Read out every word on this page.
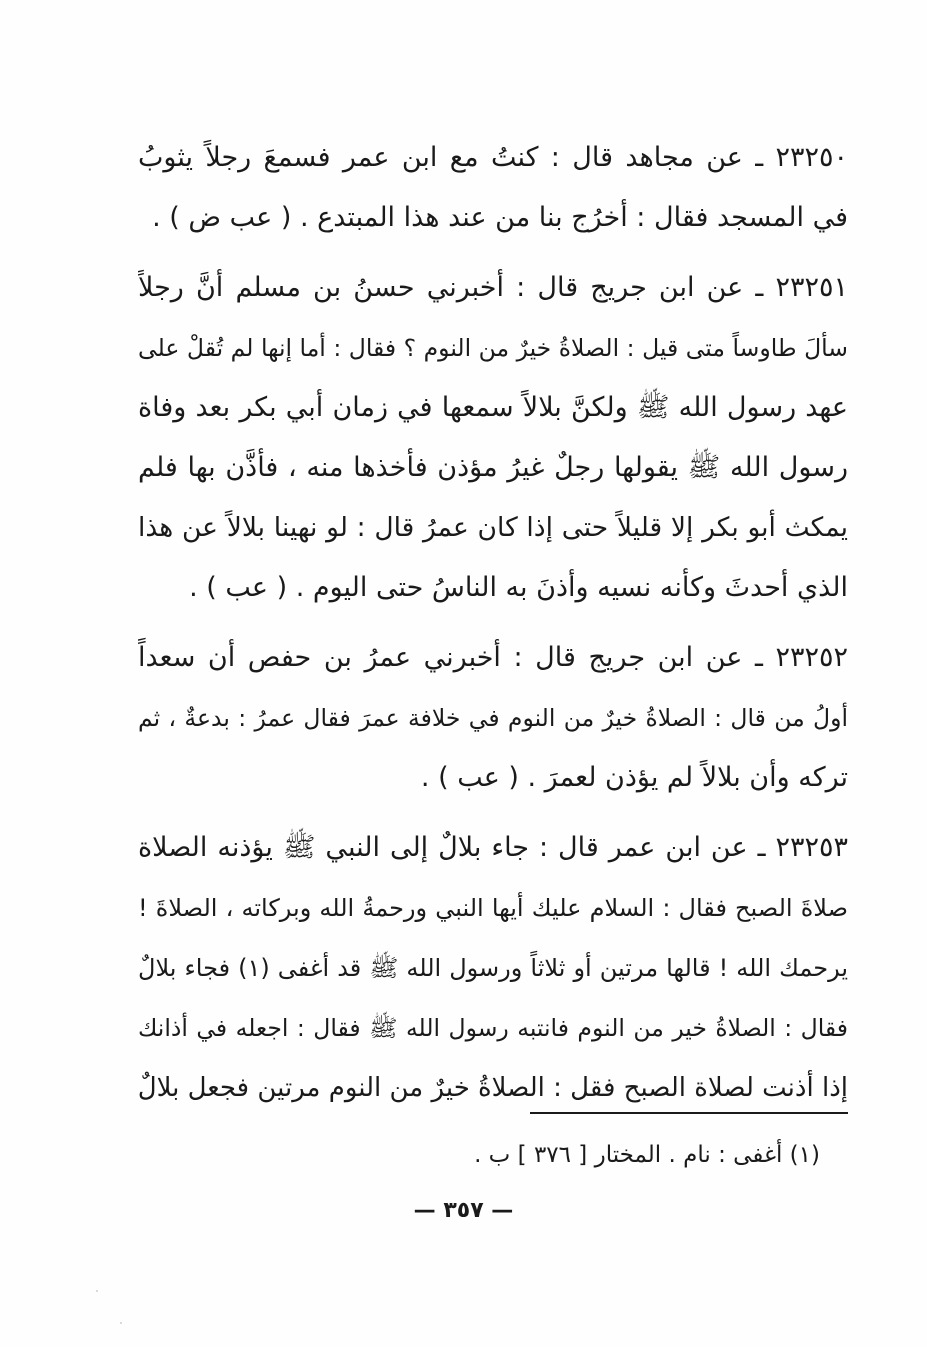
٢٣٢٥٠ ـ عن مجاهد قال : كنتُ مع ابن عمر فسمعَ رجلاً يثوبُ
في المسجد فقال : أخرُج بنا من عند هذا المبتدع . ( عب ض ) .
٢٣٢٥١ ـ عن ابن جريج قال : أخبرني حسنُ بن مسلم أنَّ رجلاً
سألَ طاوساً متى قيل : الصلاةُ خيرٌ من النوم ؟ فقال : أما إنها لم تُقلْ على
عهد رسول الله ﷺ ولكنَّ بلالاً سمعها في زمان أبي بكر بعد وفاة
رسول الله ﷺ يقولها رجلٌ غيرُ مؤذن فأخذها منه ، فأذَّن بها فلم
يمكث أبو بكر إلا قليلاً حتى إذا كان عمرُ قال : لو نهينا بلالاً عن هذا
الذي أحدثَ وكأنه نسيه وأذنَ به الناسُ حتى اليوم . ( عب ) .
٢٣٢٥٢ ـ عن ابن جريج قال : أخبرني عمرُ بن حفص أن سعداً
أولُ من قال : الصلاةُ خيرٌ من النوم في خلافة عمرَ فقال عمرُ : بدعةٌ ، ثم
تركه وأن بلالاً لم يؤذن لعمرَ . ( عب ) .
٢٣٢٥٣ ـ عن ابن عمر قال : جاء بلالٌ إلى النبي ﷺ يؤذنه الصلاة
صلاةَ الصبح فقال : السلام عليك أيها النبي ورحمةُ الله وبركاته ، الصلاةَ !
يرحمك الله ! قالها مرتين أو ثلاثاً ورسول الله ﷺ قد أغفى (١) فجاء بلالٌ
فقال : الصلاةُ خير من النوم فانتبه رسول الله ﷺ فقال : اجعله في أذانك
إذا أذنت لصلاة الصبح فقل : الصلاةُ خيرٌ من النوم مرتين فجعل بلالٌ
(١) أغفى : نام . المختار [ ٣٧٦ ] ب .
— ٣٥٧ —
